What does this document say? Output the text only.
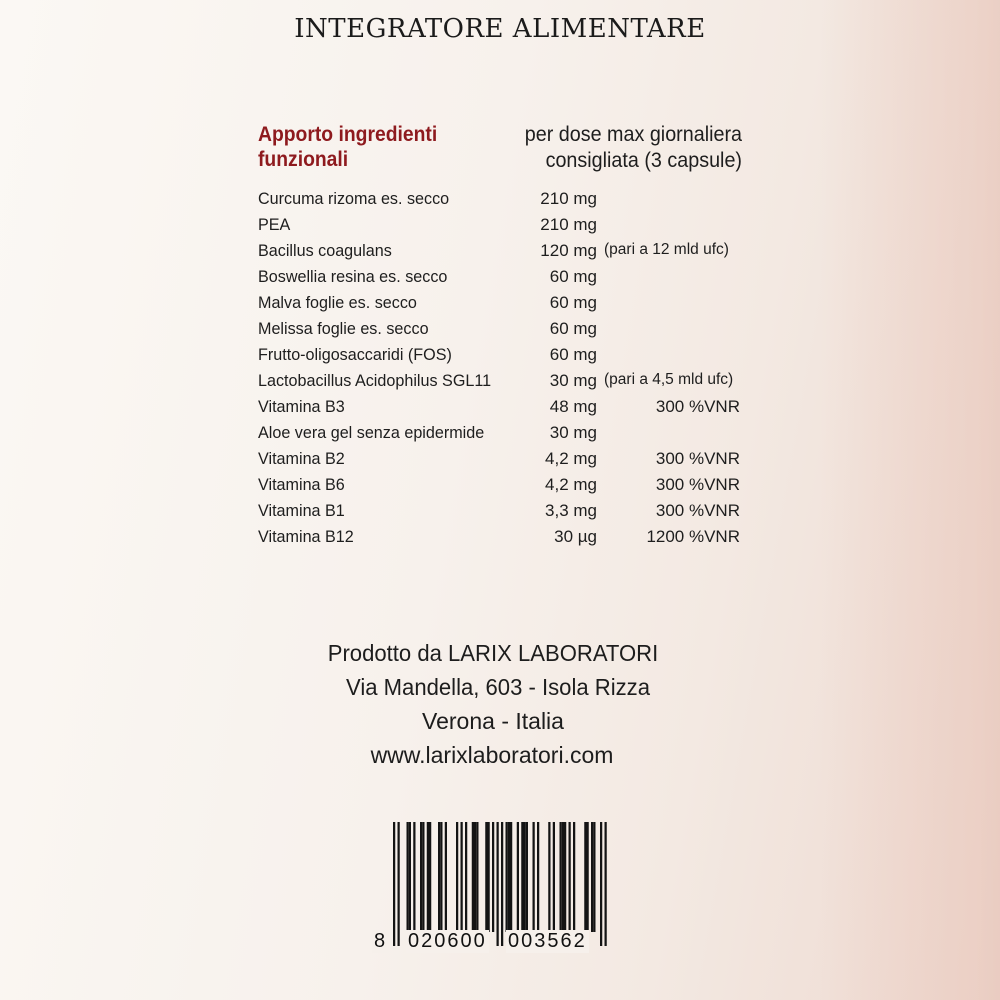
INTEGRATORE ALIMENTARE
Apporto ingredienti funzionali
per dose max giornaliera
consigliata (3 capsule)
Curcuma rizoma es. secco	210 mg
PEA	210 mg
Bacillus coagulans	120 mg (pari a 12 mld ufc)
Boswellia resina es. secco	60 mg
Malva foglie es. secco	60 mg
Melissa foglie es. secco	60 mg
Frutto-oligosaccaridi (FOS)	60 mg
Lactobacillus Acidophilus SGL11	30 mg (pari a 4,5 mld ufc)
Vitamina B3	48 mg	300 %VNR
Aloe vera gel senza epidermide	30 mg
Vitamina B2	4,2 mg	300 %VNR
Vitamina B6	4,2 mg	300 %VNR
Vitamina B1	3,3 mg	300 %VNR
Vitamina B12	30 µg	1200 %VNR
Prodotto da LARIX LABORATORI
Via Mandella, 603 - Isola Rizza
Verona - Italia
www.larixlaboratori.com
8 020600 003562
